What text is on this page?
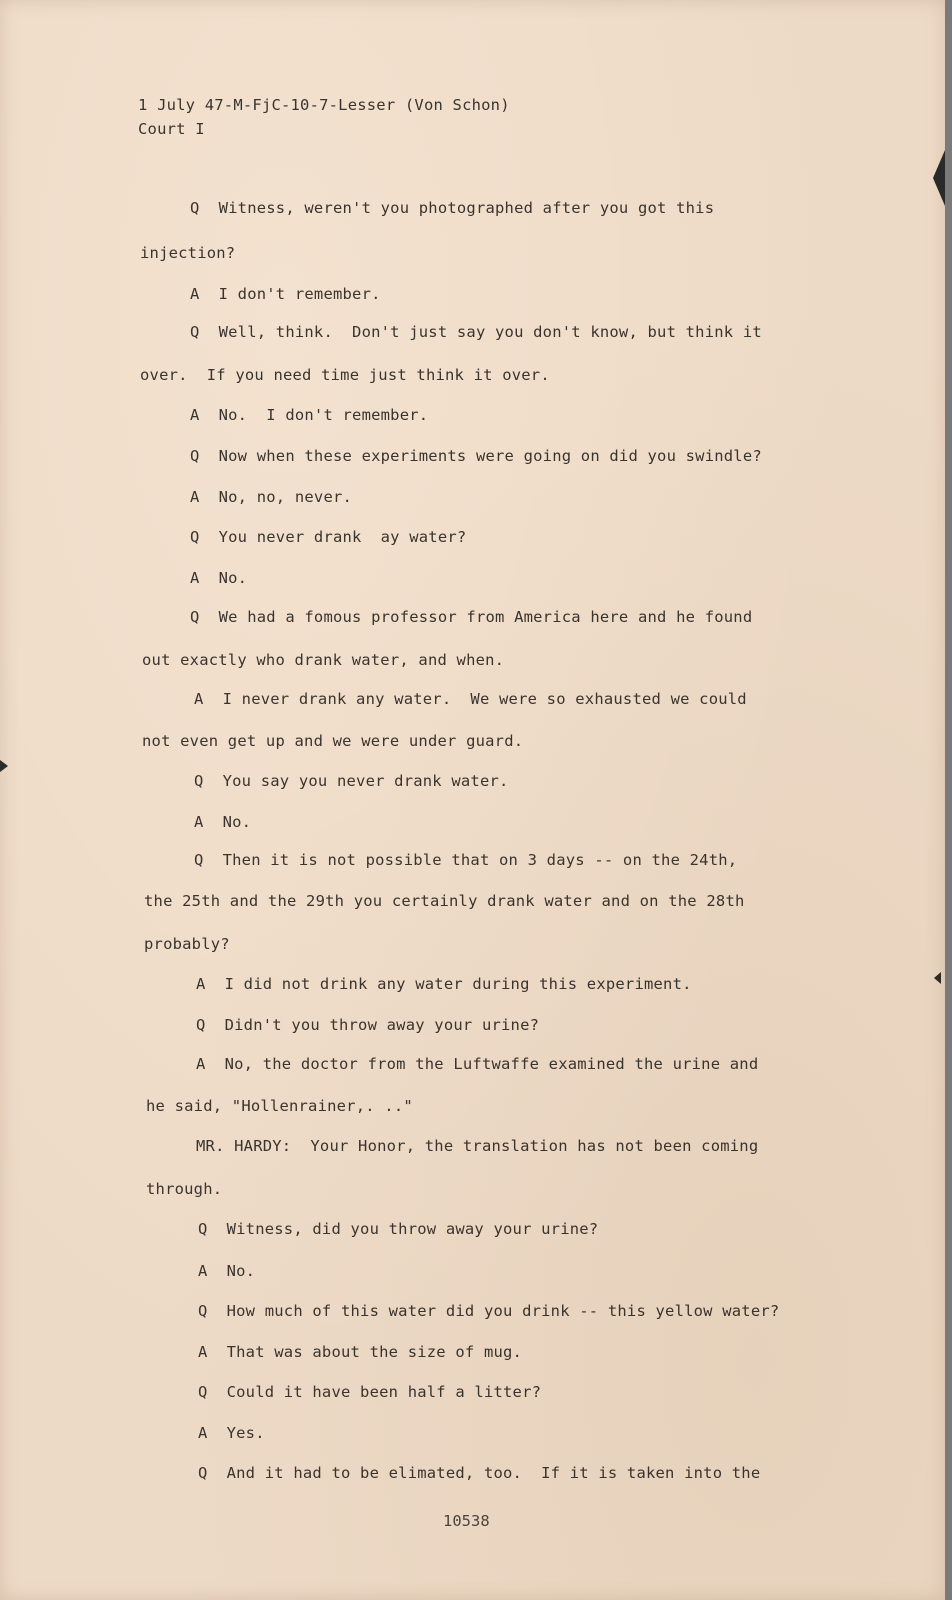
1 July 47-M-FjC-10-7-Lesser (Von Schon)
Court I
Q  Witness, weren't you photographed after you got this
injection?
A  I don't remember.
Q  Well, think.  Don't just say you don't know, but think it
over.  If you need time just think it over.
A  No.  I don't remember.
Q  Now when these experiments were going on did you swindle?
A  No, no, never.
Q  You never drank  ay water?
A  No.
Q  We had a fomous professor from America here and he found
out exactly who drank water, and when.
A  I never drank any water.  We were so exhausted we could
not even get up and we were under guard.
Q  You say you never drank water.
A  No.
Q  Then it is not possible that on 3 days -- on the 24th,
the 25th and the 29th you certainly drank water and on the 28th
probably?
A  I did not drink any water during this experiment.
Q  Didn't you throw away your urine?
A  No, the doctor from the Luftwaffe examined the urine and
he said, "Hollenrainer,. .."
MR. HARDY:  Your Honor, the translation has not been coming
through.
Q  Witness, did you throw away your urine?
A  No.
Q  How much of this water did you drink -- this yellow water?
A  That was about the size of mug.
Q  Could it have been half a litter?
A  Yes.
Q  And it had to be elimated, too.  If it is taken into the
10538
